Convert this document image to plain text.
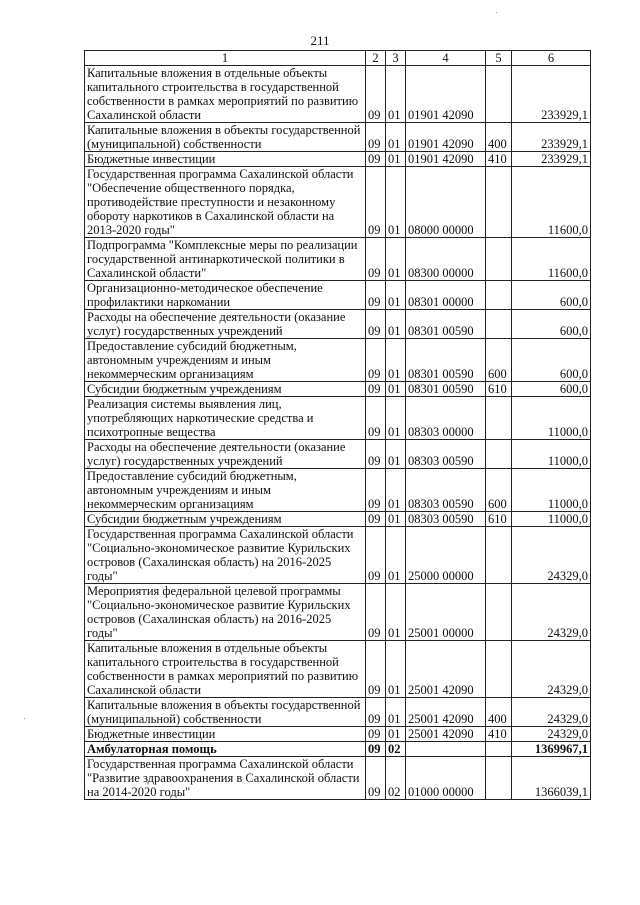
211
1	2	3	4	5	6
Капитальные вложения в отдельные объекты капитального строительства в государственной собственности в рамках мероприятий по развитию Сахалинской области	09	01	01901 42090		233929,1
Капитальные вложения в объекты государственной (муниципальной) собственности	09	01	01901 42090	400	233929,1
Бюджетные инвестиции	09	01	01901 42090	410	233929,1
Государственная программа Сахалинской области "Обеспечение общественного порядка, противодействие преступности и незаконному обороту наркотиков в Сахалинской области на 2013-2020 годы"	09	01	08000 00000		11600,0
Подпрограмма "Комплексные меры по реализации государственной антинаркотической политики в Сахалинской области"	09	01	08300 00000		11600,0
Организационно-методическое обеспечение профилактики наркомании	09	01	08301 00000		600,0
Расходы на обеспечение деятельности (оказание услуг) государственных учреждений	09	01	08301 00590		600,0
Предоставление субсидий бюджетным, автономным учреждениям и иным некоммерческим организациям	09	01	08301 00590	600	600,0
Субсидии бюджетным учреждениям	09	01	08301 00590	610	600,0
Реализация системы выявления лиц, употребляющих наркотические средства и психотропные вещества	09	01	08303 00000		11000,0
Расходы на обеспечение деятельности (оказание услуг) государственных учреждений	09	01	08303 00590		11000,0
Предоставление субсидий бюджетным, автономным учреждениям и иным некоммерческим организациям	09	01	08303 00590	600	11000,0
Субсидии бюджетным учреждениям	09	01	08303 00590	610	11000,0
Государственная программа Сахалинской области "Социально-экономическое развитие Курильских островов (Сахалинская область) на 2016-2025 годы"	09	01	25000 00000		24329,0
Мероприятия федеральной целевой программы "Социально-экономическое развитие Курильских островов (Сахалинская область) на 2016-2025 годы"	09	01	25001 00000		24329,0
Капитальные вложения в отдельные объекты капитального строительства в государственной собственности в рамках мероприятий по развитию Сахалинской области	09	01	25001 42090		24329,0
Капитальные вложения в объекты государственной (муниципальной) собственности	09	01	25001 42090	400	24329,0
Бюджетные инвестиции	09	01	25001 42090	410	24329,0
Амбулаторная помощь	09	02			1369967,1
Государственная программа Сахалинской области "Развитие здравоохранения в Сахалинской области на 2014-2020 годы"	09	02	01000 00000		1366039,1
